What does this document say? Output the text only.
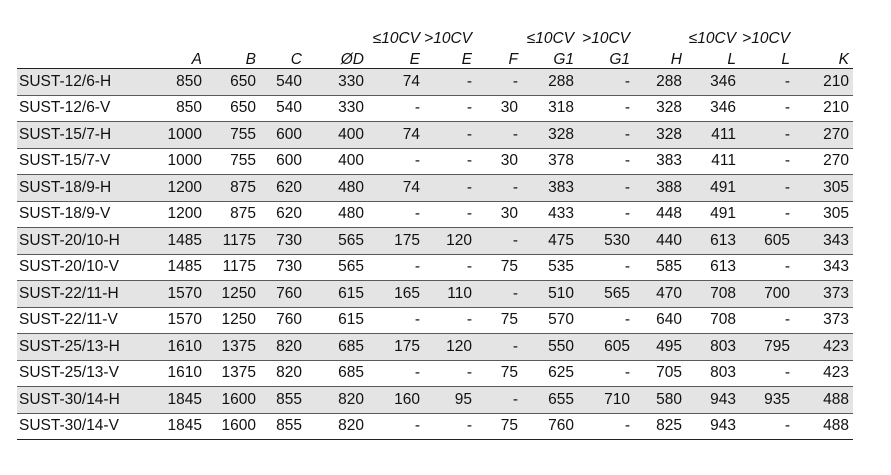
					≤10CV	>10CV		≤10CV	>10CV		≤10CV	>10CV	
	A	B	C	ØD	E	E	F	G1	G1	H	L	L	K
SUST-12/6-H	850	650	540	330	74	-	-	288	-	288	346	-	210
SUST-12/6-V	850	650	540	330	-	-	30	318	-	328	346	-	210
SUST-15/7-H	1000	755	600	400	74	-	-	328	-	328	411	-	270
SUST-15/7-V	1000	755	600	400	-	-	30	378	-	383	411	-	270
SUST-18/9-H	1200	875	620	480	74	-	-	383	-	388	491	-	305
SUST-18/9-V	1200	875	620	480	-	-	30	433	-	448	491	-	305
SUST-20/10-H	1485	1175	730	565	175	120	-	475	530	440	613	605	343
SUST-20/10-V	1485	1175	730	565	-	-	75	535	-	585	613	-	343
SUST-22/11-H	1570	1250	760	615	165	110	-	510	565	470	708	700	373
SUST-22/11-V	1570	1250	760	615	-	-	75	570	-	640	708	-	373
SUST-25/13-H	1610	1375	820	685	175	120	-	550	605	495	803	795	423
SUST-25/13-V	1610	1375	820	685	-	-	75	625	-	705	803	-	423
SUST-30/14-H	1845	1600	855	820	160	95	-	655	710	580	943	935	488
SUST-30/14-V	1845	1600	855	820	-	-	75	760	-	825	943	-	488
